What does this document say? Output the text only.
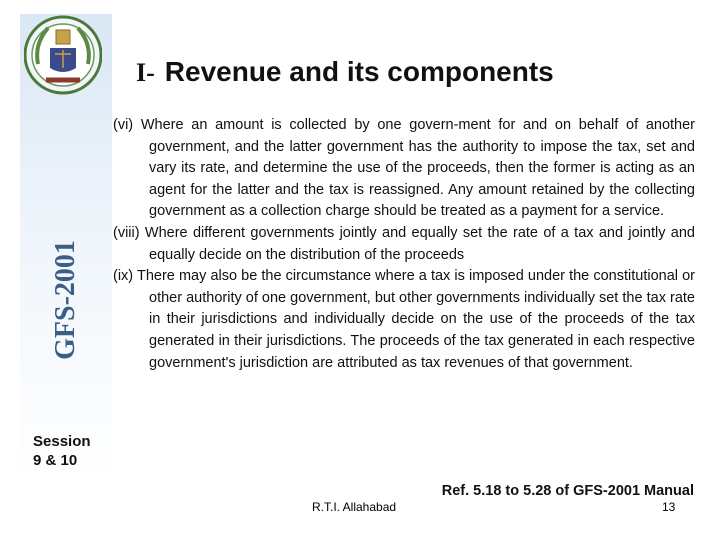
GFS-2001
Session
9 & 10
I- Revenue and its components

(vi) Where an amount is collected by one govern-ment for and on behalf of another government, and the latter government has the authority to impose the tax, set and vary its rate, and determine the use of the proceeds, then the former is acting as an agent for the latter and the tax is reassigned. Any amount retained by the collecting government as a collection charge should be treated as a payment for a service.

(viii) Where different governments jointly and equally set the rate of a tax and jointly and equally decide on the distribution of the proceeds

(ix) There may also be the circumstance where a tax is imposed under the constitutional or other authority of one government, but other governments individually set the tax rate in their jurisdictions and individually decide on the use of the proceeds of the tax generated in their jurisdictions. The proceeds of the tax generated in each respective government's jurisdiction are attributed as tax revenues of that government.

Ref. 5.18 to 5.28 of GFS-2001 Manual
R.T.I. Allahabad	13
